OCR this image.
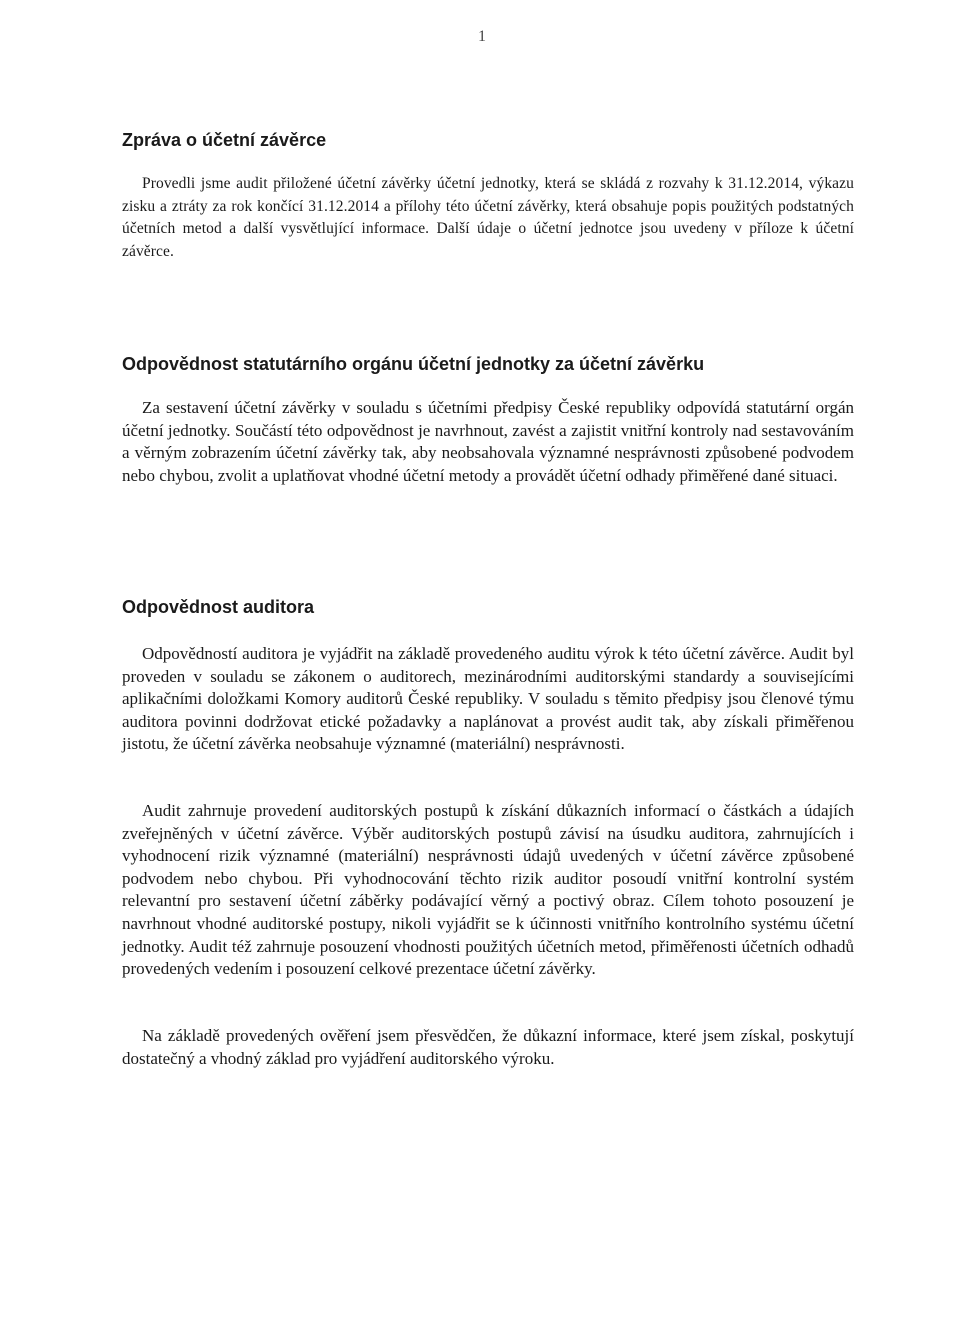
1
Zpráva o účetní závěrce

Provedli jsme audit přiložené účetní závěrky účetní jednotky, která se skládá z rozvahy k 31.12.2014, výkazu zisku a ztráty za rok končící 31.12.2014 a přílohy této účetní závěrky, která obsahuje popis použitých podstatných účetních metod a další vysvětlující informace. Další údaje o účetní jednotce jsou uvedeny v příloze k účetní závěrce.

Odpovědnost statutárního orgánu účetní jednotky za účetní závěrku

Za sestavení účetní závěrky v souladu s účetními předpisy České republiky odpovídá statutární orgán účetní jednotky. Součástí této odpovědnost je navrhnout, zavést a zajistit vnitřní kontroly nad sestavováním a věrným zobrazením účetní závěrky tak, aby neobsahovala významné nesprávnosti způsobené podvodem nebo chybou, zvolit a uplatňovat vhodné účetní metody a provádět účetní odhady přiměřené dané situaci.

Odpovědnost auditora

Odpovědností auditora je vyjádřit na základě provedeného auditu výrok k této účetní závěrce. Audit byl proveden v souladu se zákonem o auditorech, mezinárodními auditorskými standardy a souvisejícími aplikačními doložkami Komory auditorů České republiky. V souladu s těmito předpisy jsou členové týmu auditora povinni dodržovat etické požadavky a naplánovat a provést audit tak, aby získali přiměřenou jistotu, že účetní závěrka neobsahuje významné (materiální) nesprávnosti.

Audit zahrnuje provedení auditorských postupů k získání důkazních informací o částkách a údajích zveřejněných v účetní závěrce. Výběr auditorských postupů závisí na úsudku auditora, zahrnujících i vyhodnocení rizik významné (materiální) nesprávnosti údajů uvedených v účetní závěrce způsobené podvodem nebo chybou. Při vyhodnocování těchto rizik auditor posoudí vnitřní kontrolní systém relevantní pro sestavení účetní záběrky podávající věrný a poctivý obraz. Cílem tohoto posouzení je navrhnout vhodné auditorské postupy, nikoli vyjádřit se k účinnosti vnitřního kontrolního systému účetní jednotky. Audit též zahrnuje posouzení vhodnosti použitých účetních metod, přiměřenosti účetních odhadů provedených vedením i posouzení celkové prezentace účetní závěrky.

Na základě provedených ověření jsem přesvědčen, že důkazní informace, které jsem získal, poskytují dostatečný a vhodný základ pro vyjádření auditorského výroku.
